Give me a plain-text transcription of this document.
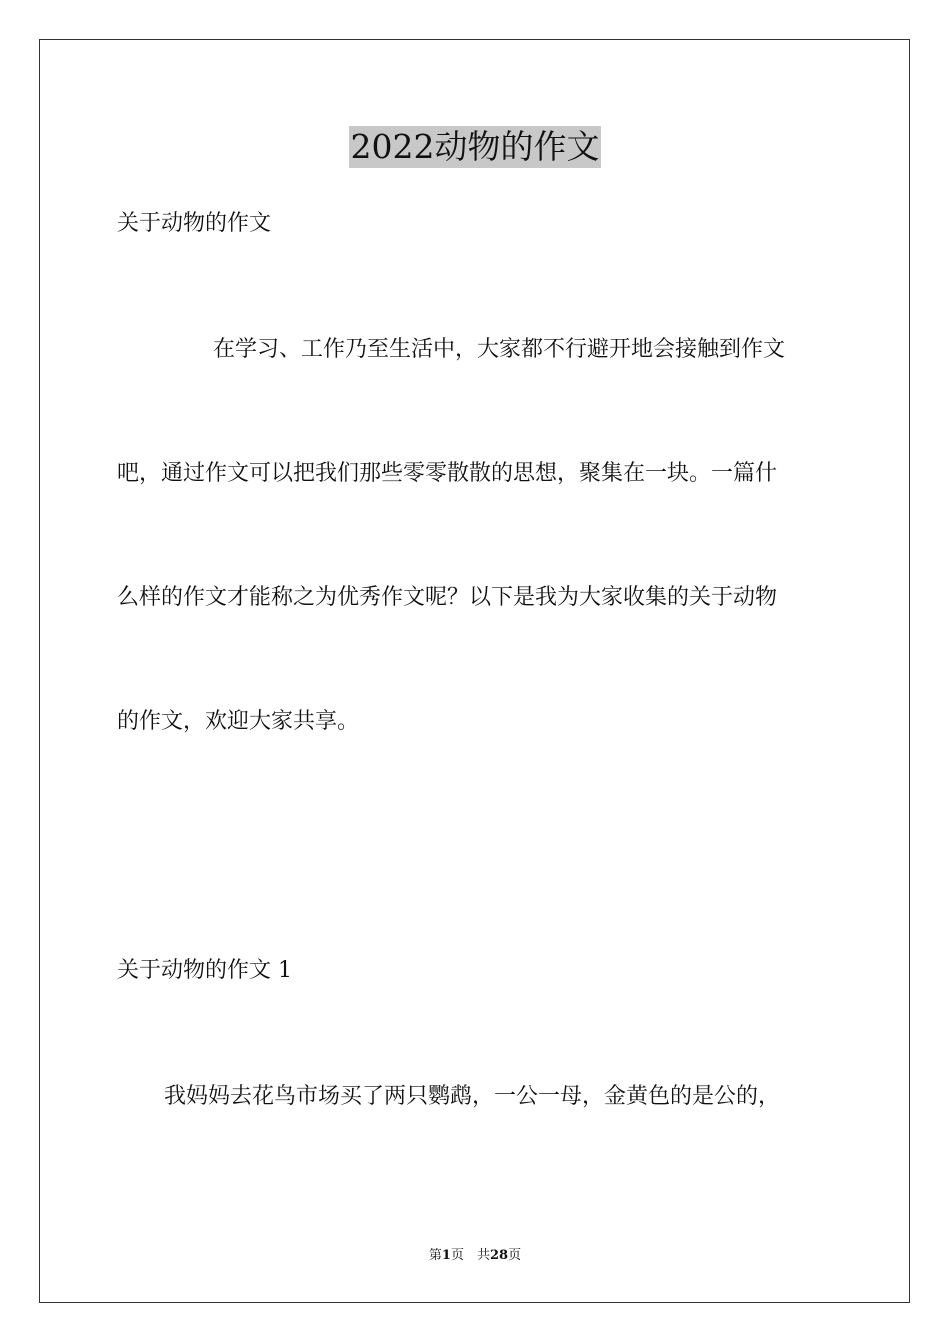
2022动物的作文
关于动物的作文
在学习、工作乃至生活中，大家都不行避开地会接触到作文
吧，通过作文可以把我们那些零零散散的思想，聚集在一块。一篇什
么样的作文才能称之为优秀作文呢？以下是我为大家收集的关于动物
的作文，欢迎大家共享。
关于动物的作文 1
我妈妈去花鸟市场买了两只鹦鹉，一公一母，金黄色的是公的，
第1页　共28页
